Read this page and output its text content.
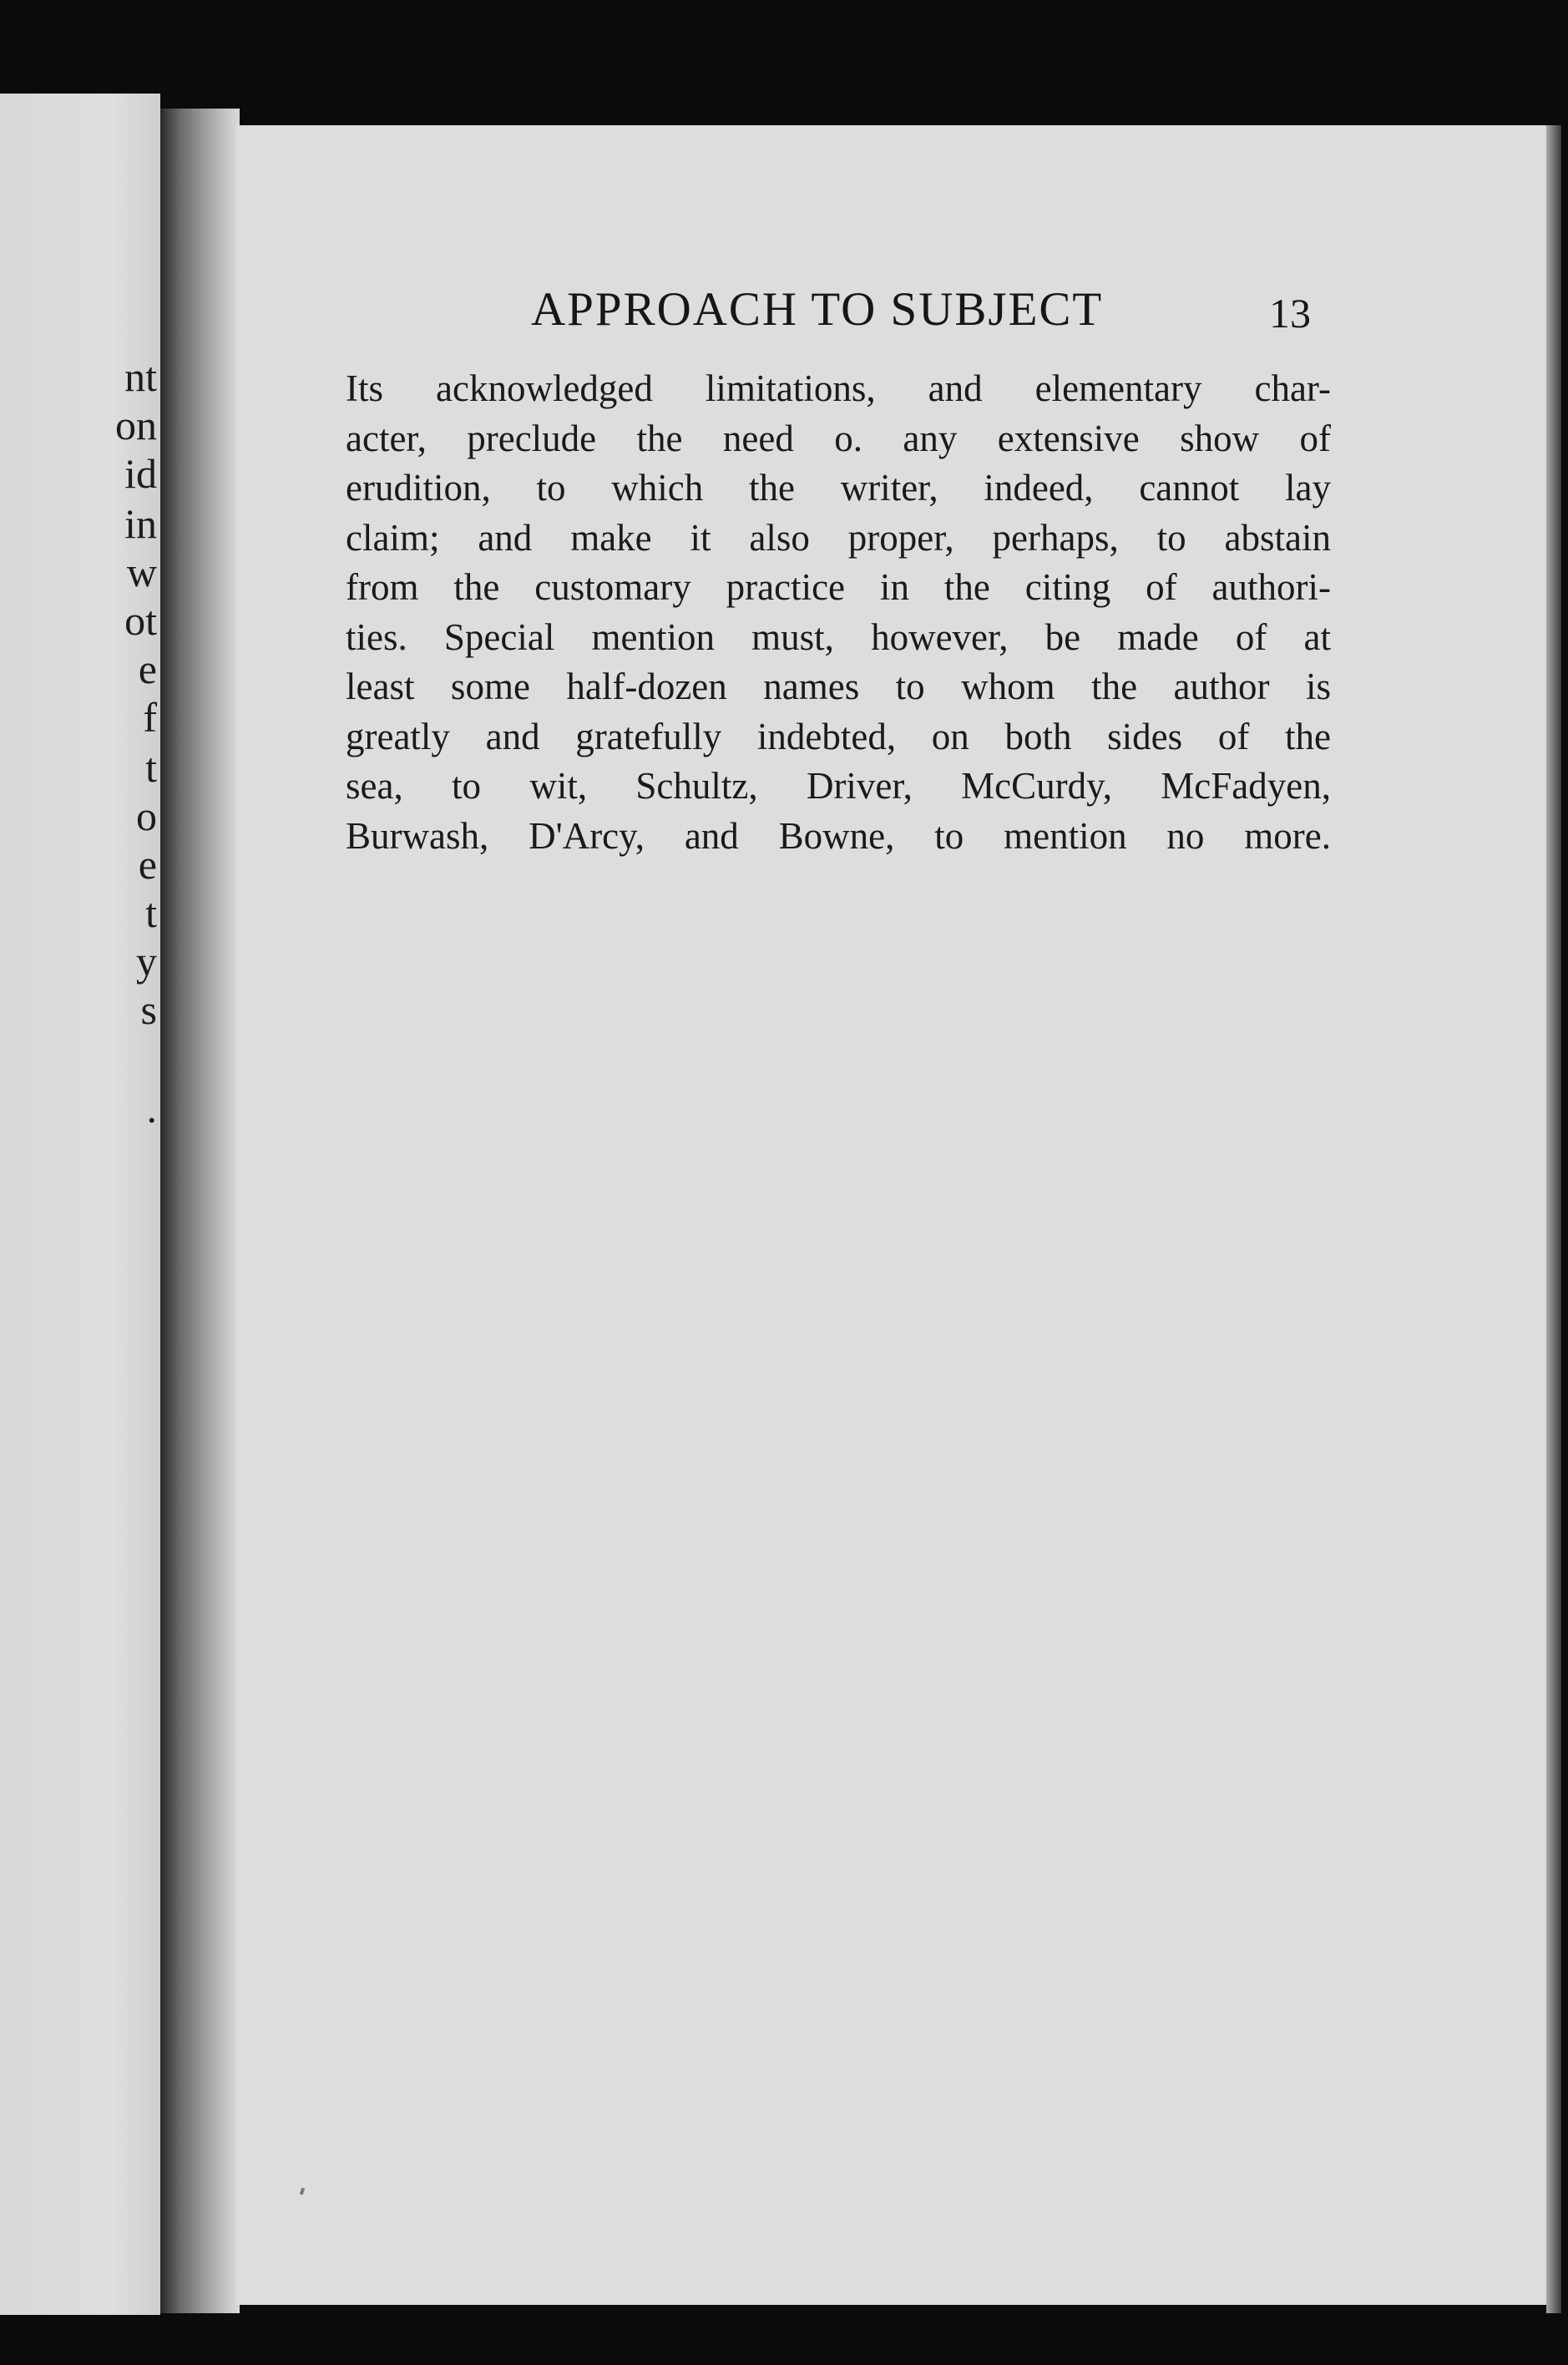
nt
on
id
in
w
ot
e
f
t
o
e
t
y
s
.
APPROACH TO SUBJECT	13
Its acknowledged limitations, and elementary char-
acter, preclude the need o. any extensive show of
erudition, to which the writer, indeed, cannot lay
claim; and make it also proper, perhaps, to abstain
from the customary practice in the citing of authori-
ties. Special mention must, however, be made of at
least some half-dozen names to whom the author is
greatly and gratefully indebted, on both sides of the
sea, to wit, Schultz, Driver, McCurdy, McFadyen,
Burwash, D'Arcy, and Bowne, to mention no more.
